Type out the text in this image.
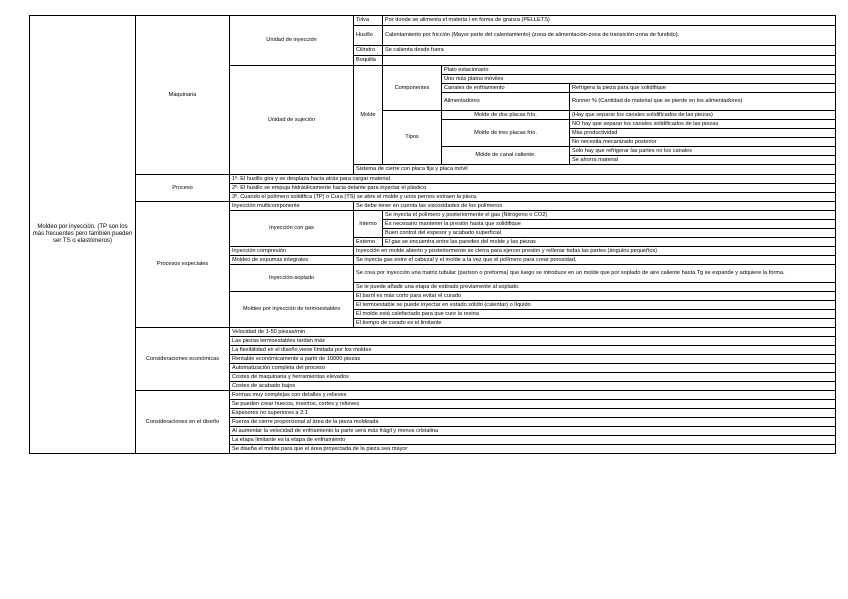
Moldeo por inyección. (TP son los más frecuentes pero también pueden ser TS o elastómeros)	Maquinaria	Unidad de inyección	Tolva	Por donde se alimenta el materia l en forma de granza (PELLETS)		
			Husillo	Calentamiento por fricción (Mayor parte del calentamiento) (zona de alimentación-zona de transición-zona de fundido).		

			Cilindro	Se calienta desde fuera		
			Boquilla			

		Unidad de sujeción	Molde	Componentes	Plato estacionario	
					Uno más platos móviles	
					Canales de enfriamiento	Refrigera la pieza para que solidifique
					Alimentadores	Runner % (Cantidad de material que se pierde en los alimentadores)

				Tipos	Molde de dos placas frío.	(Hay que separar los canales solidificados de las piezas)
					Molde de tres placas frío.	NO hay que separar los canales solidificados de las piezas
						Más productividad
						No necesita mecanizado posterior
					Molde de canal caliente.	Solo hay que refrigerar las partes no los canales
						Se ahorra material
			Sistema de cierre con placa fija y placa móvil			
	Proceso	1º. El husillo gira y se desplaza hacia atrás para cargar material				
		2º. El husillo se empuja hidráulicamente hacia delante para inyectar el plástico				
		3º. Cuando el polímero solidifica (TP) o Cura (TS) se abre el molde y unos pernos extraen la pieza.				
	Procesos especiales	Inyección multicomponente	Se debe tener en cuenta las viscosidades de los polímeros			
		Inyección con gas	Interno	Se inyecta el polímero y posteriormente el gas (Nitrógeno o CO2)		
				Es necesario mantener la presión hasta que solidifique		
				Buen control del espesor y acabado superficial		
			Externo	El gas se encuentra entre las paredes del molde y las piezas		
		Inyección compresión	Inyección en molde abierto y posteriormente se cierra para ejercer presión y rellenar todas las partes (ángulos pequeños)			
		Moldeo de espumas integrales	Se inyecta gas entre el cabezal y el molde a la vez que el polímero para crear porosidad.			
		Inyección-soplado	Se crea por inyección una matriz tubular (parison o preforma) que luego se introduce en un molde que por soplado de aire caliente hasta Tg se expande y adquiere la forma.			

			Se le puede añadir una etapa de estirado previamente al soplado.			
		Moldeo por inyección de termoestables	El barril es más corto para evitar el curado			
			El termoestable se puede inyectar en estado sólido (calentar) o líquido			
			El molde está calefactado para que cure la resina			
			El tiempo de curado es el limitante			

	Consideraciones económicas	Velocidad de 1-50 piezas/min				
		Las piezas termoestables tardan más				
		La flexibilidad en el diseño viene limitada por los moldes				
		Rentable económicamente a partir de 10000 piezas				
		Automatización completa del proceso				
		Costes de maquinaria y herramientas elevados				
		Costes de acabado bajos				
	Consideraciones en el diseño	Formas muy complejas con detalles y relieves				
		Se pueden crear huecos, insertos, cortes y relieves				
		Espesores no superiores a 2:1				
		Fuerza de cierre proporcional al área de la pieza moldeada				
		Al aumentar la velocidad de enfriamiento la parte será más frágil y menos cristalina				
		La etapa limitante es la etapa de enfriamiento				
		Se diseña el molde para que el área proyectada de la pieza sea mayor				
